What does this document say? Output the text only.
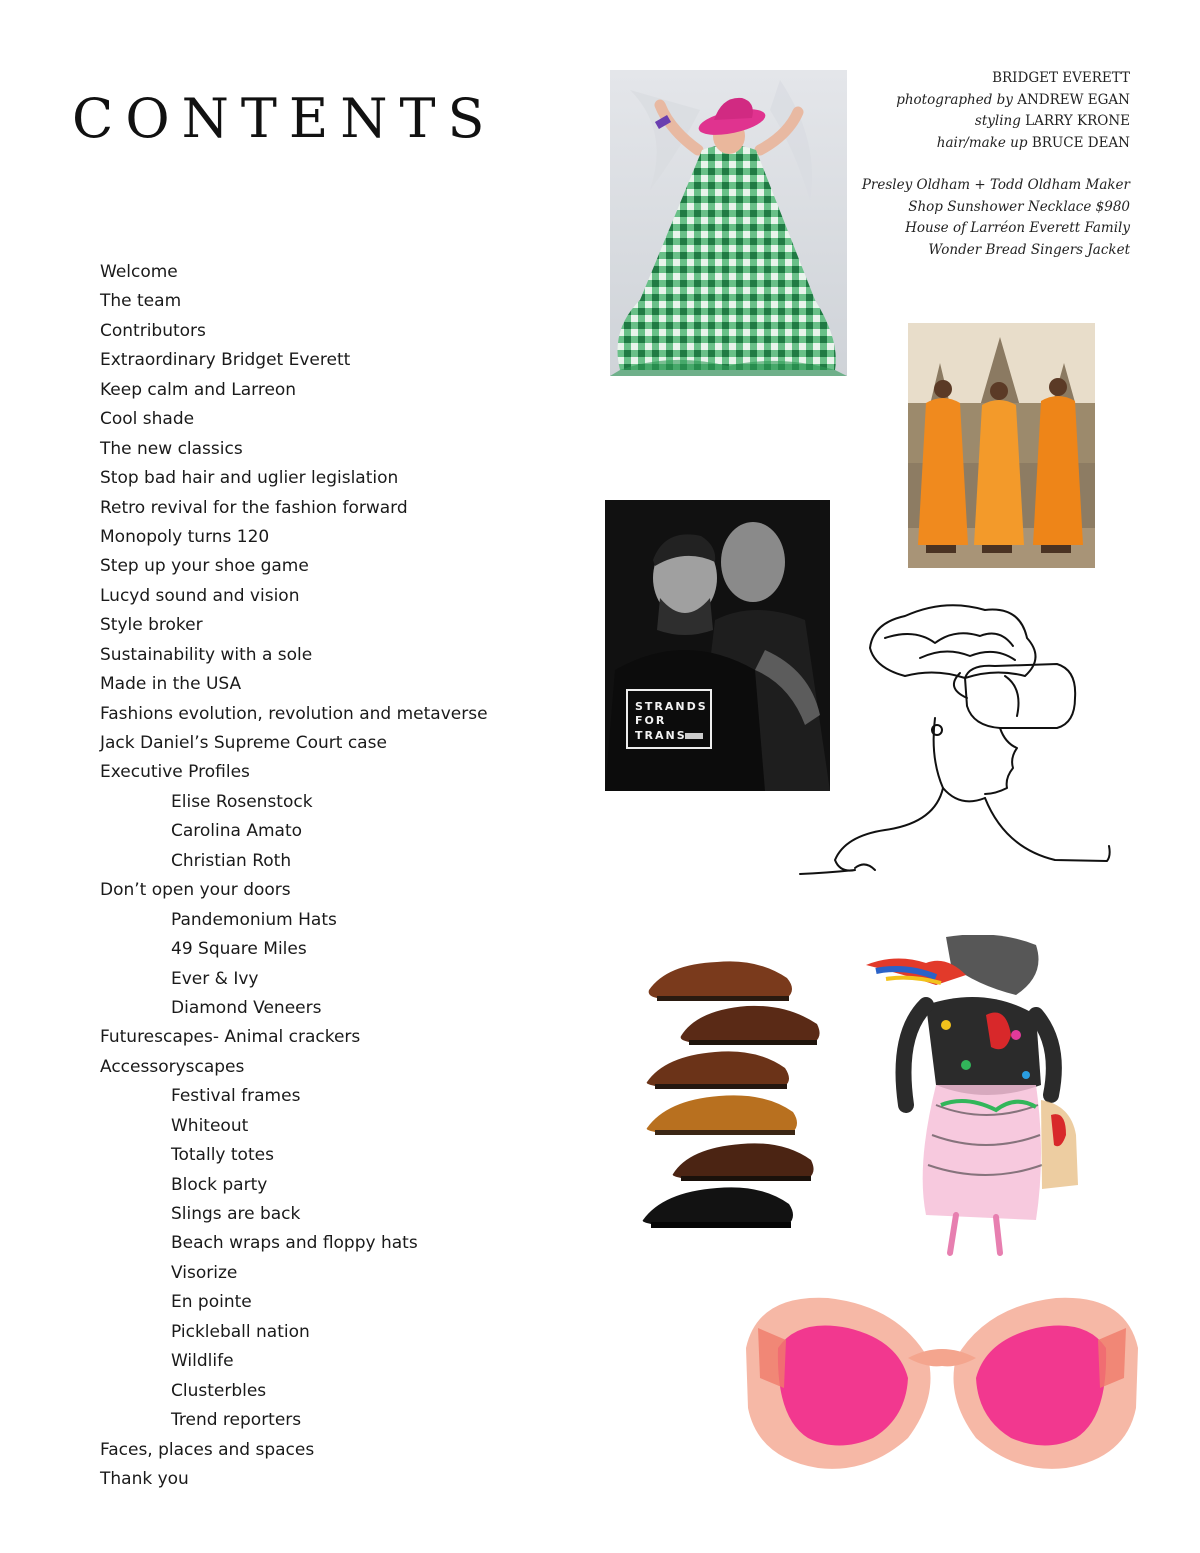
CONTENTS
Welcome
The team
Contributors
Extraordinary Bridget Everett
Keep calm and Larreon
Cool shade
The new classics
Stop bad hair and uglier legislation
Retro revival for the fashion forward
Monopoly turns 120
Step up your shoe game
Lucyd sound and vision
Style broker
Sustainability with a sole
Made in the USA
Fashions evolution, revolution and metaverse
Jack Daniel’s Supreme Court case
Executive Profiles
Elise Rosenstock
Carolina Amato
Christian Roth
Don’t open your doors
Pandemonium Hats
49 Square Miles
Ever & Ivy
Diamond Veneers
Futurescapes- Animal crackers
Accessoryscapes
Festival frames
Whiteout
Totally totes
Block party
Slings are back
Beach wraps and floppy hats
Visorize
En pointe
Pickleball nation
Wildlife
Clusterbles
Trend reporters
Faces, places and spaces
Thank you
BRIDGET EVERETT
photographed by ANDREW EGAN
styling LARRY KRONE
hair/make up BRUCE DEAN
Presley Oldham + Todd Oldham Maker
Shop Sunshower Necklace $980
House of Larréon Everett Family
Wonder Bread Singers Jacket
STRANDS
FOR
TRANS
